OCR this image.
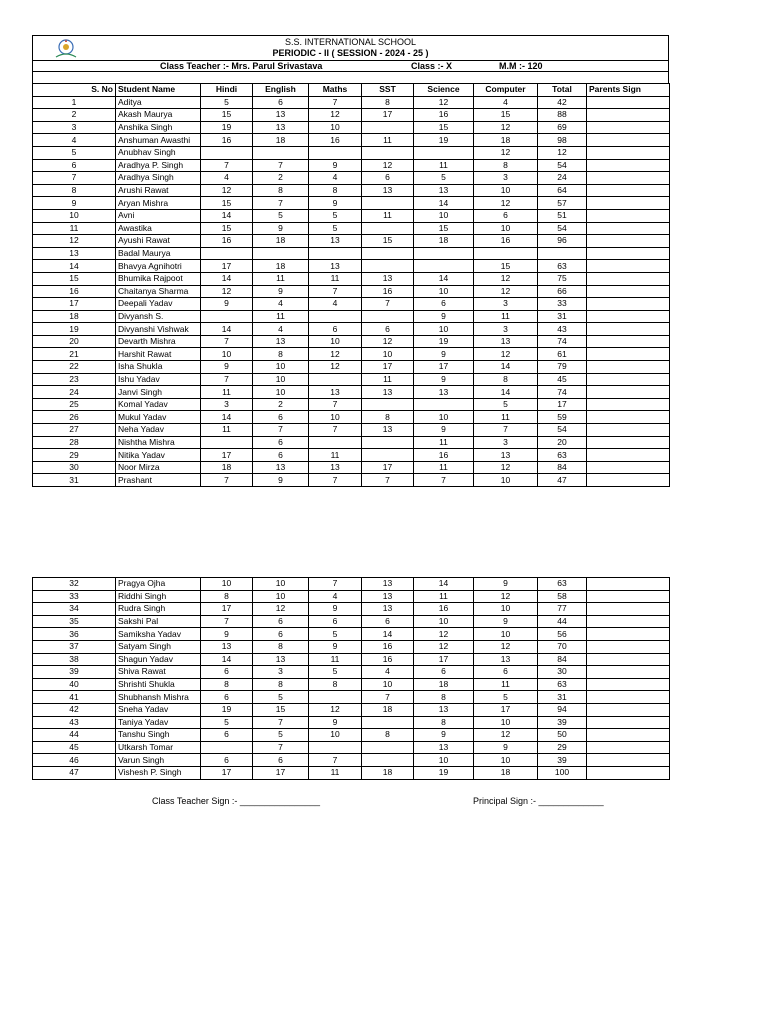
S.S. INTERNATIONAL SCHOOL
PERIODIC - II ( SESSION - 2024 - 25 )
Class Teacher :- Mrs. Parul Srivastava	Class :- X	M.M :- 120
S. No	Student Name	Hindi	English	Maths	SST	Science	Computer	Total	Parents Sign
1	Aditya	5	6	7	8	12	4	42	
2	Akash Maurya	15	13	12	17	16	15	88	
3	Anshika Singh	19	13	10		15	12	69	
4	Anshuman Awasthi	16	18	16	11	19	18	98	
5	Anubhav Singh						12	12	
6	Aradhya P. Singh	7	7	9	12	11	8	54	
7	Aradhya Singh	4	2	4	6	5	3	24	
8	Arushi Rawat	12	8	8	13	13	10	64	
9	Aryan Mishra	15	7	9		14	12	57	
10	Avni	14	5	5	11	10	6	51	
11	Awastika	15	9	5		15	10	54	
12	Ayushi Rawat	16	18	13	15	18	16	96	
13	Badal Maurya								
14	Bhavya Agnihotri	17	18	13			15	63	
15	Bhumika Rajpoot	14	11	11	13	14	12	75	
16	Chaitanya Sharma	12	9	7	16	10	12	66	
17	Deepali Yadav	9	4	4	7	6	3	33	
18	Divyansh S.		11			9	11	31	
19	Divyanshi Vishwak	14	4	6	6	10	3	43	
20	Devarth Mishra	7	13	10	12	19	13	74	
21	Harshit Rawat	10	8	12	10	9	12	61	
22	Isha Shukla	9	10	12	17	17	14	79	
23	Ishu Yadav	7	10		11	9	8	45	
24	Janvi Singh	11	10	13	13	13	14	74	
25	Komal Yadav	3	2	7			5	17	
26	Mukul Yadav	14	6	10	8	10	11	59	
27	Neha Yadav	11	7	7	13	9	7	54	
28	Nishtha Mishra		6			11	3	20	
29	Nitika Yadav	17	6	11		16	13	63	
30	Noor Mirza	18	13	13	17	11	12	84	
31	Prashant	7	9	7	7	7	10	47	
32	Pragya Ojha	10	10	7	13	14	9	63	
33	Riddhi Singh	8	10	4	13	11	12	58	
34	Rudra Singh	17	12	9	13	16	10	77	
35	Sakshi Pal	7	6	6	6	10	9	44	
36	Samiksha Yadav	9	6	5	14	12	10	56	
37	Satyam Singh	13	8	9	16	12	12	70	
38	Shagun Yadav	14	13	11	16	17	13	84	
39	Shiva Rawat	6	3	5	4	6	6	30	
40	Shrishti Shukla	8	8	8	10	18	11	63	
41	Shubhansh Mishra	6	5		7	8	5	31	
42	Sneha Yadav	19	15	12	18	13	17	94	
43	Taniya Yadav	5	7	9		8	10	39	
44	Tanshu Singh	6	5	10	8	9	12	50	
45	Utkarsh Tomar		7			13	9	29	
46	Varun Singh	6	6	7		10	10	39	
47	Vishesh P. Singh	17	17	11	18	19	18	100	
Class Teacher Sign :- ________________	Principal Sign :- _____________
